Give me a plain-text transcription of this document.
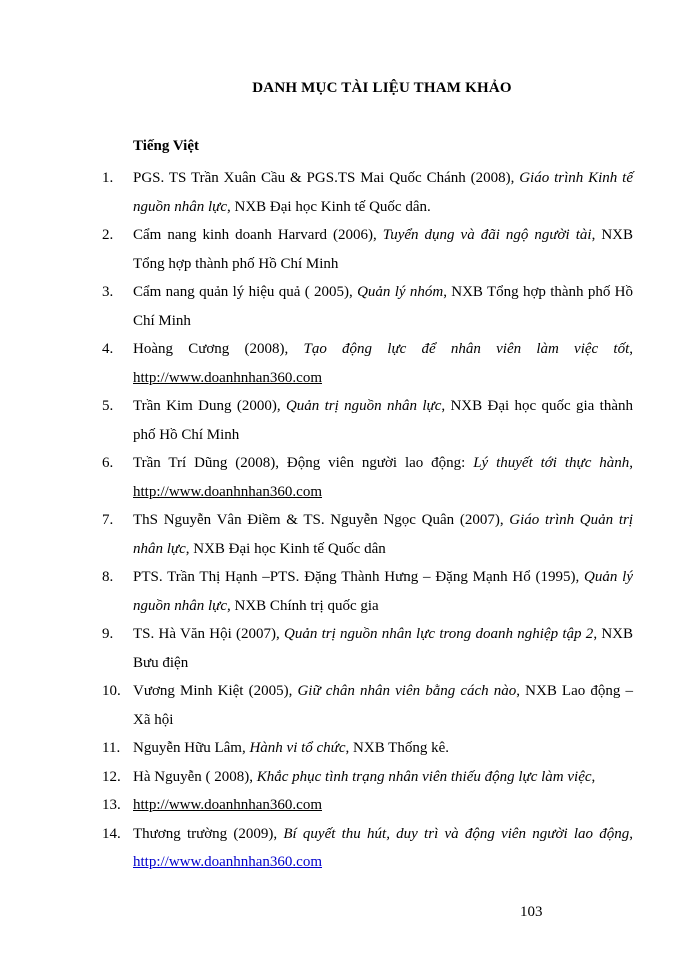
DANH MỤC TÀI LIỆU THAM KHẢO
Tiếng Việt
1. PGS. TS Trần Xuân Cầu & PGS.TS Mai Quốc Chánh (2008), Giáo trình Kinh tế nguồn nhân lực, NXB Đại học Kinh tế Quốc dân.
2. Cẩm nang kinh doanh Harvard (2006), Tuyển dụng và đãi ngộ người tài, NXB Tổng hợp thành phố Hồ Chí Minh
3. Cẩm nang quản lý hiệu quả ( 2005), Quản lý nhóm, NXB Tổng hợp thành phố Hồ Chí Minh
4. Hoàng Cương (2008), Tạo động lực để nhân viên làm việc tốt, http://www.doanhnhan360.com
5. Trần Kim Dung (2000), Quản trị nguồn nhân lực, NXB Đại học quốc gia thành phố Hồ Chí Minh
6. Trần Trí Dũng (2008), Động viên người lao động: Lý thuyết tới thực hành, http://www.doanhnhan360.com
7. ThS Nguyễn Vân Điềm & TS. Nguyễn Ngọc Quân (2007), Giáo trình Quản trị nhân lực, NXB Đại học Kinh tế Quốc dân
8. PTS. Trần Thị Hạnh –PTS. Đặng Thành Hưng – Đặng Mạnh Hổ (1995), Quản lý nguồn nhân lực, NXB Chính trị quốc gia
9. TS. Hà Văn Hội (2007), Quản trị nguồn nhân lực trong doanh nghiệp tập 2, NXB Bưu điện
10. Vương Minh Kiệt (2005), Giữ chân nhân viên bằng cách nào, NXB Lao động – Xã hội
11. Nguyễn Hữu Lâm, Hành vi tổ chức, NXB Thống kê.
12. Hà Nguyễn ( 2008), Khắc phục tình trạng nhân viên thiếu động lực làm việc,
13. http://www.doanhnhan360.com
14. Thương trường (2009), Bí quyết thu hút, duy trì và động viên người lao động, http://www.doanhnhan360.com
103
